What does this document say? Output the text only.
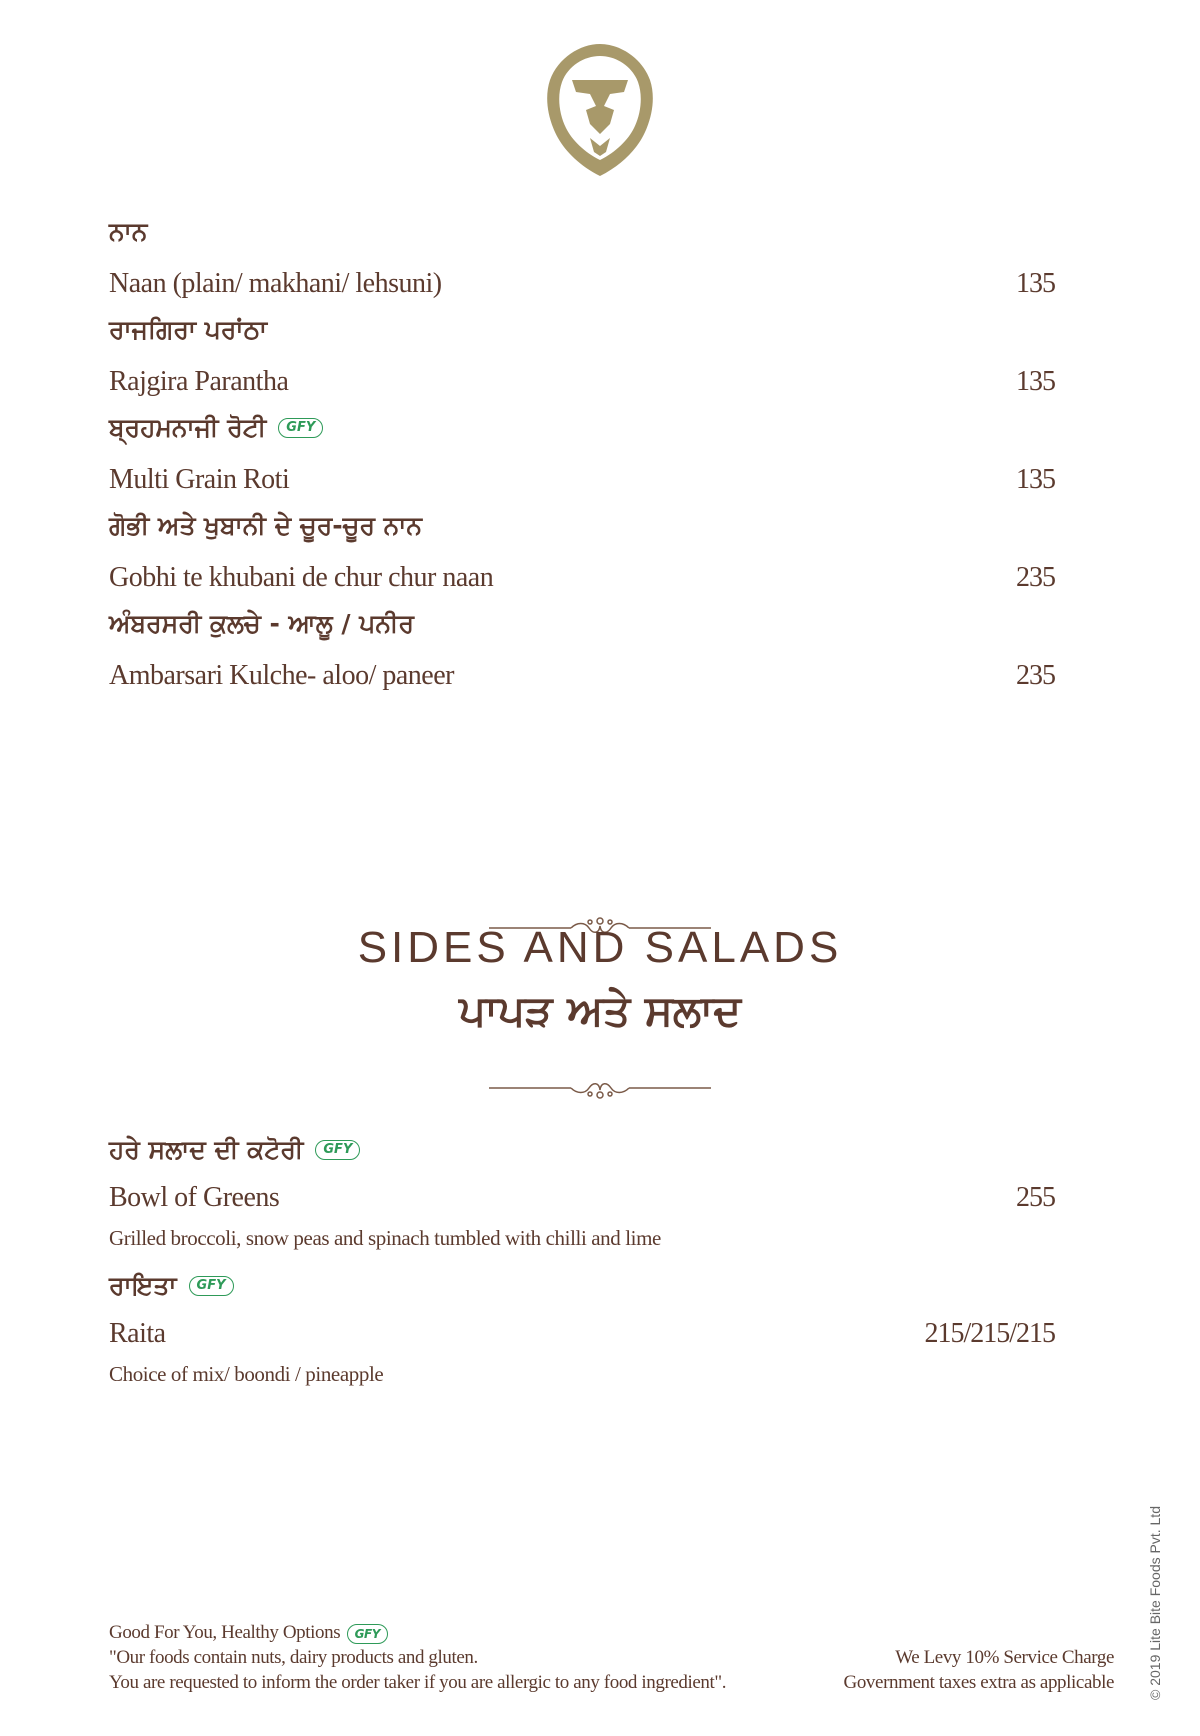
ਨਾਨ
Naan (plain/ makhani/ lehsuni)	135
ਰਾਜਗਿਰਾ ਪਰਾਂਠਾ
Rajgira Parantha	135
ਬ੍ਰਹਮਨਾਜੀ ਰੋਟੀ	GFY
Multi Grain Roti	135
ਗੋਭੀ ਅਤੇ ਖੁਬਾਨੀ ਦੇ ਚੂਰ-ਚੂਰ ਨਾਨ
Gobhi te khubani de chur chur naan	235
ਅੰਬਰਸਰੀ ਕੁਲਚੇ - ਆਲੂ / ਪਨੀਰ
Ambarsari Kulche- aloo/ paneer	235
SIDES AND SALADS
ਪਾਪੜ ਅਤੇ ਸਲਾਦ
ਹਰੇ ਸਲਾਦ ਦੀ ਕਟੋਰੀ	GFY
Bowl of Greens	255
Grilled broccoli, snow peas and spinach tumbled with chilli and lime
ਰਾਇਤਾ	GFY
Raita	215/215/215
Choice of mix/ boondi / pineapple
Good For You, Healthy Options GFY
"Our foods contain nuts, dairy products and gluten.
You are requested to inform the order taker if you are allergic to any food ingredient".
We Levy 10% Service Charge
Government taxes extra as applicable © 2019 Lite Bite Foods Pvt. Ltd
